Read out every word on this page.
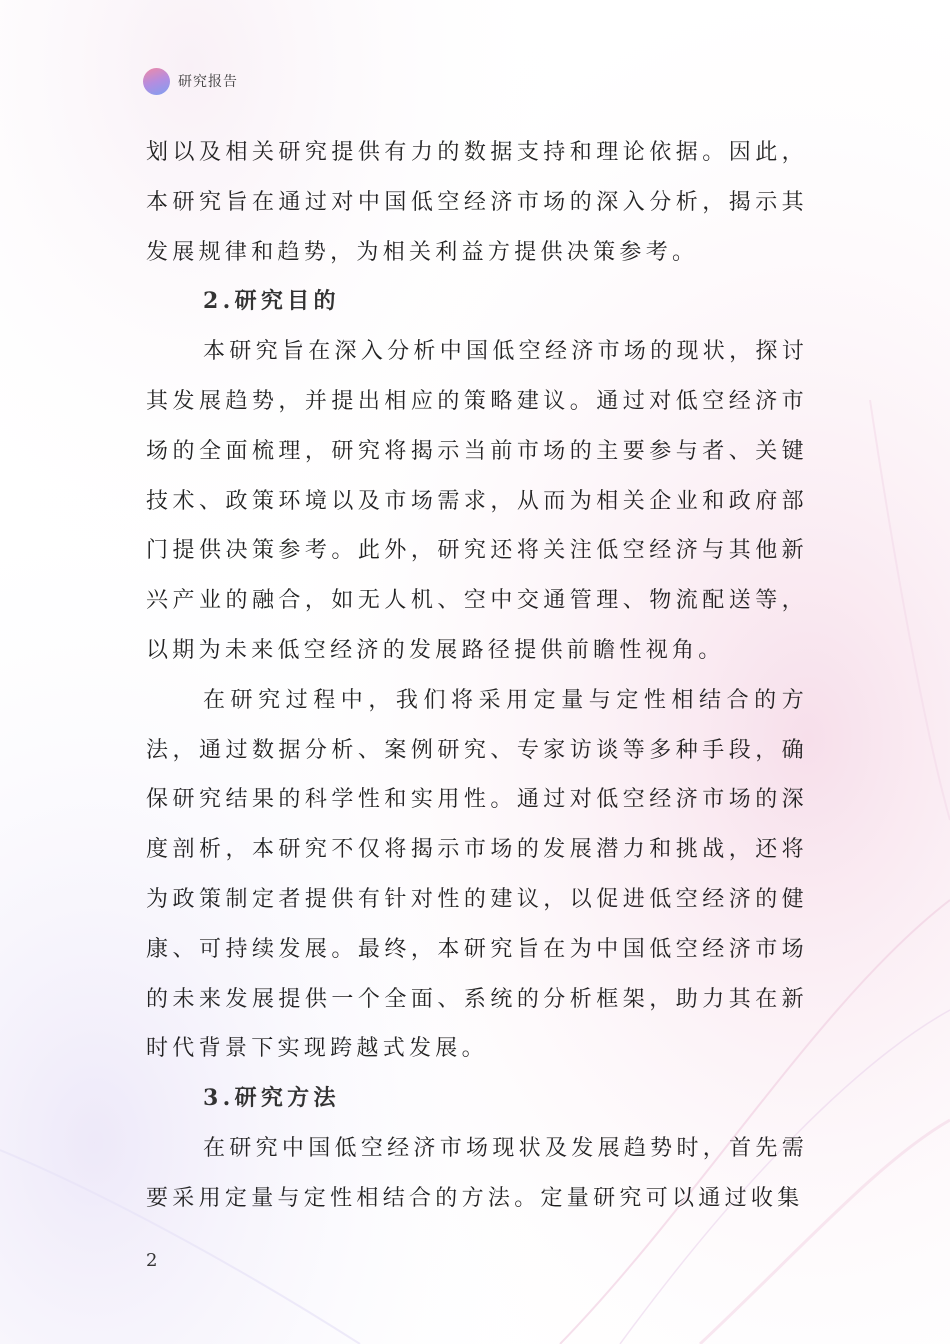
研究报告

划以及相关研究提供有力的数据支持和理论依据。因此，本研究旨在通过对中国低空经济市场的深入分析，揭示其发展规律和趋势，为相关利益方提供决策参考。

2.研究目的

本研究旨在深入分析中国低空经济市场的现状，探讨其发展趋势，并提出相应的策略建议。通过对低空经济市场的全面梳理，研究将揭示当前市场的主要参与者、关键技术、政策环境以及市场需求，从而为相关企业和政府部门提供决策参考。此外，研究还将关注低空经济与其他新兴产业的融合，如无人机、空中交通管理、物流配送等，以期为未来低空经济的发展路径提供前瞻性视角。

在研究过程中，我们将采用定量与定性相结合的方法，通过数据分析、案例研究、专家访谈等多种手段，确保研究结果的科学性和实用性。通过对低空经济市场的深度剖析，本研究不仅将揭示市场的发展潜力和挑战，还将为政策制定者提供有针对性的建议，以促进低空经济的健康、可持续发展。最终，本研究旨在为中国低空经济市场的未来发展提供一个全面、系统的分析框架，助力其在新时代背景下实现跨越式发展。

3.研究方法

在研究中国低空经济市场现状及发展趋势时，首先需要采用定量与定性相结合的方法。定量研究可以通过收集

2
